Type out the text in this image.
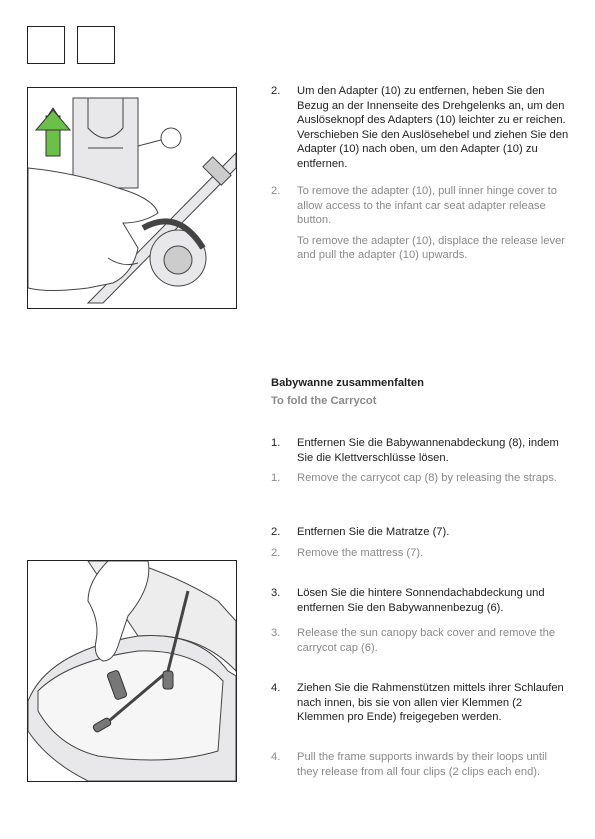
2. Um den Adapter (10) zu entfernen, heben Sie den Bezug an der Innenseite des Drehgelenks an, um den Auslöseknopf des Adapters (10) leichter zu er reichen. Verschieben Sie den Auslösehebel und ziehen Sie den Adapter (10) nach oben, um den Adapter (10) zu entfernen.
2. To remove the adapter (10), pull inner hinge cover to allow access to the infant car seat adapter release button.

To remove the adapter (10), displace the release lever and pull the adapter (10) upwards.

Babywanne zusammenfalten
To fold the Carrycot
1. Entfernen Sie die Babywannenabdeckung (8), indem Sie die Klettverschlüsse lösen.
1. Remove the carrycot cap (8) by releasing the straps.
2. Entfernen Sie die Matratze (7).
2. Remove the mattress (7).
3. Lösen Sie die hintere Sonnendachabdeckung und entfernen Sie den Babywannenbezug (6).
3. Release the sun canopy back cover and remove the carrycot cap (6).
4. Ziehen Sie die Rahmenstützen mittels ihrer Schlaufen nach innen, bis sie von allen vier Klemmen (2 Klemmen pro Ende) freigegeben werden.
4. Pull the frame supports inwards by their loops until they release from all four clips (2 clips each end).
